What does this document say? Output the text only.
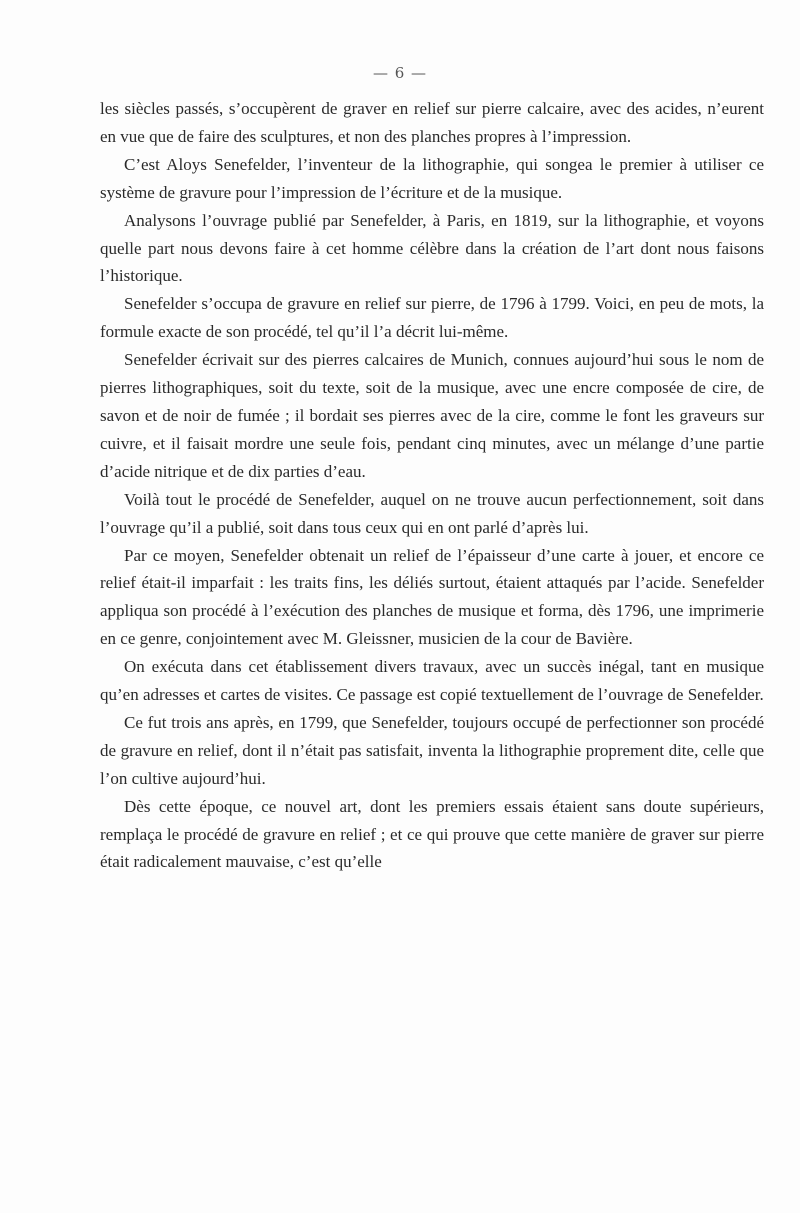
— 6 —

les siècles passés, s’occupèrent de graver en relief sur pierre calcaire, avec des acides, n’eurent en vue que de faire des sculptures, et non des planches propres à l’impression.

C’est Aloys Senefelder, l’inventeur de la lithographie, qui songea le premier à utiliser ce système de gravure pour l’impression de l’écriture et de la musique.

Analysons l’ouvrage publié par Senefelder, à Paris, en 1819, sur la lithographie, et voyons quelle part nous devons faire à cet homme célèbre dans la création de l’art dont nous faisons l’historique.

Senefelder s’occupa de gravure en relief sur pierre, de 1796 à 1799. Voici, en peu de mots, la formule exacte de son procédé, tel qu’il l’a décrit lui-même.

Senefelder écrivait sur des pierres calcaires de Munich, connues aujourd’hui sous le nom de pierres lithographiques, soit du texte, soit de la musique, avec une encre composée de cire, de savon et de noir de fumée ; il bordait ses pierres avec de la cire, comme le font les graveurs sur cuivre, et il faisait mordre une seule fois, pendant cinq minutes, avec un mélange d’une partie d’acide nitrique et de dix parties d’eau.

Voilà tout le procédé de Senefelder, auquel on ne trouve aucun perfectionnement, soit dans l’ouvrage qu’il a publié, soit dans tous ceux qui en ont parlé d’après lui.

Par ce moyen, Senefelder obtenait un relief de l’épaisseur d’une carte à jouer, et encore ce relief était-il imparfait : les traits fins, les déliés surtout, étaient attaqués par l’acide. Senefelder appliqua son procédé à l’exécution des planches de musique et forma, dès 1796, une imprimerie en ce genre, conjointement avec M. Gleissner, musicien de la cour de Bavière.

On exécuta dans cet établissement divers travaux, avec un succès inégal, tant en musique qu’en adresses et cartes de visites. Ce passage est copié textuellement de l’ouvrage de Senefelder.

Ce fut trois ans après, en 1799, que Senefelder, toujours occupé de perfectionner son procédé de gravure en relief, dont il n’était pas satisfait, inventa la lithographie proprement dite, celle que l’on cultive aujourd’hui.

Dès cette époque, ce nouvel art, dont les premiers essais étaient sans doute supérieurs, remplaça le procédé de gravure en relief ; et ce qui prouve que cette manière de graver sur pierre était radicalement mauvaise, c’est qu’elle
